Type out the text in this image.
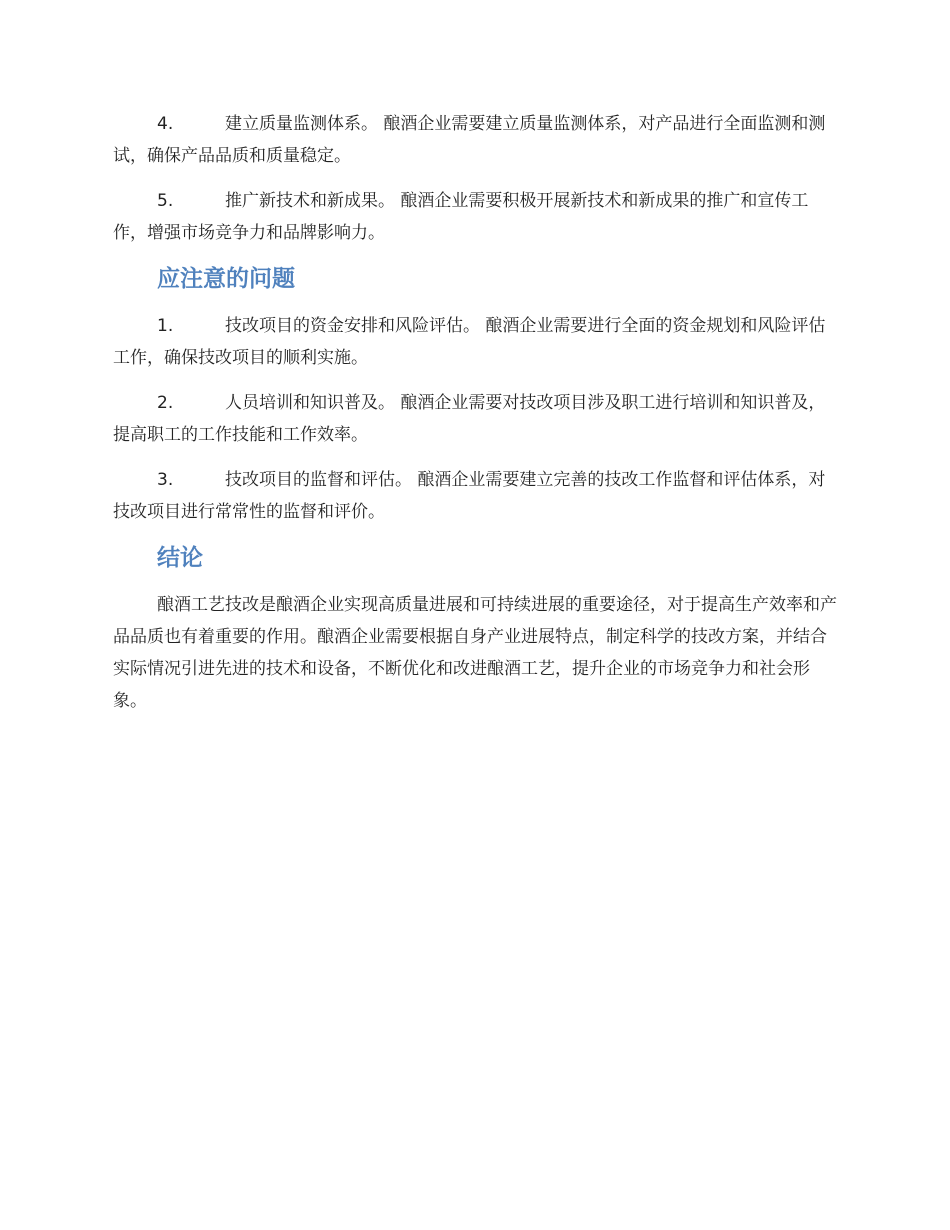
4.	建立质量监测体系。 酿酒企业需要建立质量监测体系，对产品进行全面监测和测试，确保产品品质和质量稳定。

5.	推广新技术和新成果。 酿酒企业需要积极开展新技术和新成果的推广和宣传工作，增强市场竞争力和品牌影响力。

应注意的问题

1.	技改项目的资金安排和风险评估。 酿酒企业需要进行全面的资金规划和风险评估工作，确保技改项目的顺利实施。

2.	人员培训和知识普及。 酿酒企业需要对技改项目涉及职工进行培训和知识普及，提高职工的工作技能和工作效率。

3.	技改项目的监督和评估。 酿酒企业需要建立完善的技改工作监督和评估体系，对技改项目进行常常性的监督和评价。

结论

酿酒工艺技改是酿酒企业实现高质量进展和可持续进展的重要途径，对于提高生产效率和产品品质也有着重要的作用。酿酒企业需要根据自身产业进展特点，制定科学的技改方案，并结合实际情况引进先进的技术和设备，不断优化和改进酿酒工艺，提升企业的市场竞争力和社会形象。
